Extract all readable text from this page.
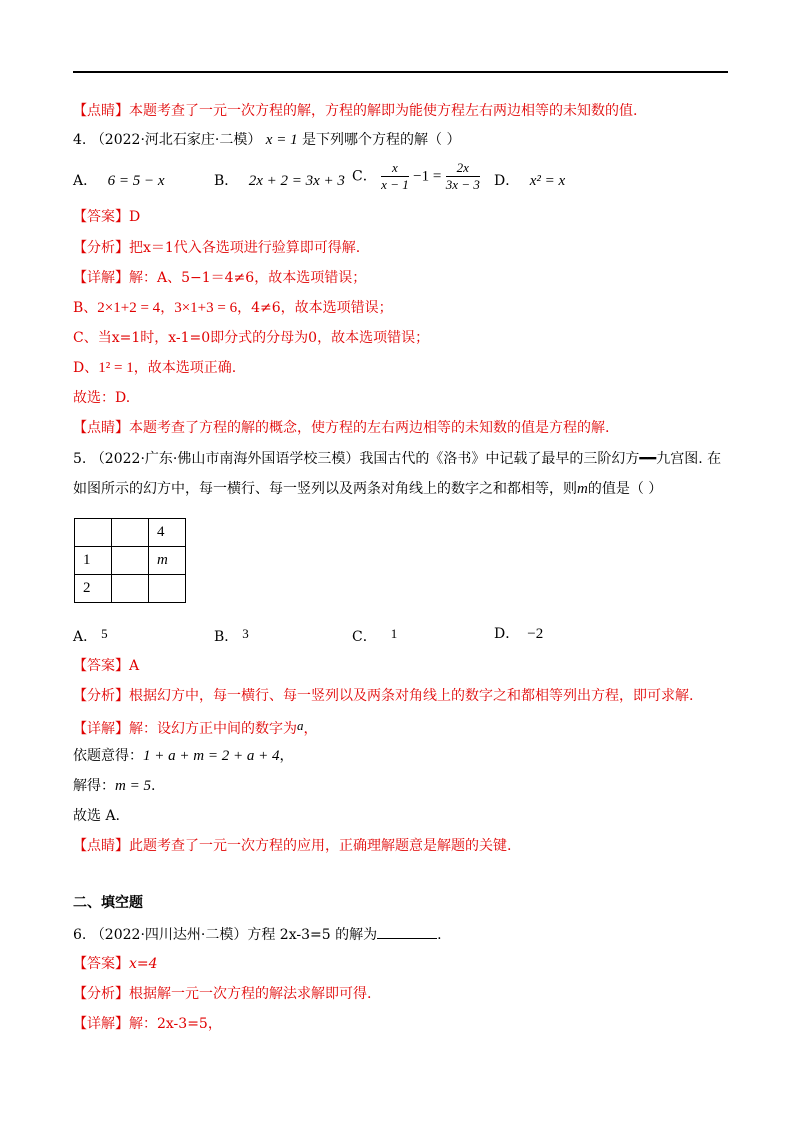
【点睛】本题考查了一元一次方程的解，方程的解即为能使方程左右两边相等的未知数的值.
4. （2022·河北石家庄·二模） x = 1 是下列哪个方程的解（ ）
A． 6 = 5 − x	B． 2x + 2 = 3x + 3 C． $\frac{x}{x - 1} -1 = \frac{2x}{3x - 3}$ D． x² = x
【答案】D
【分析】把x＝1代入各选项进行验算即可得解.
【详解】解：A、5−1＝4≠6，故本选项错误；
B、2×1+2 = 4，3×1+3 = 6，4≠6，故本选项错误；
C、当x=1时，x-1=0即分式的分母为0，故本选项错误；
D、1² = 1，故本选项正确.
故选：D.
【点睛】本题考查了方程的解的概念，使方程的左右两边相等的未知数的值是方程的解.
5. （2022·广东·佛山市南海外国语学校三模）我国古代的《洛书》中记载了最早的三阶幻方━━九宫图. 在
如图所示的幻方中，每一横行、每一竖列以及两条对角线上的数字之和都相等，则m的值是（ ）
		4
1		m
2		
A． 5	B． 3	C． 1	D． −2
【答案】A
【分析】根据幻方中，每一横行、每一竖列以及两条对角线上的数字之和都相等列出方程，即可求解.
【详解】解：设幻方正中间的数字为a，
依题意得：1 + a + m = 2 + a + 4，
解得：m = 5.
故选 A.
【点睛】此题考查了一元一次方程的应用，正确理解题意是解题的关键.
二、填空题
6. （2022·四川达州·二模）方程 2x-3=5 的解为	.
【答案】x=4
【分析】根据解一元一次方程的解法求解即可得.
【详解】解：2x-3=5，
